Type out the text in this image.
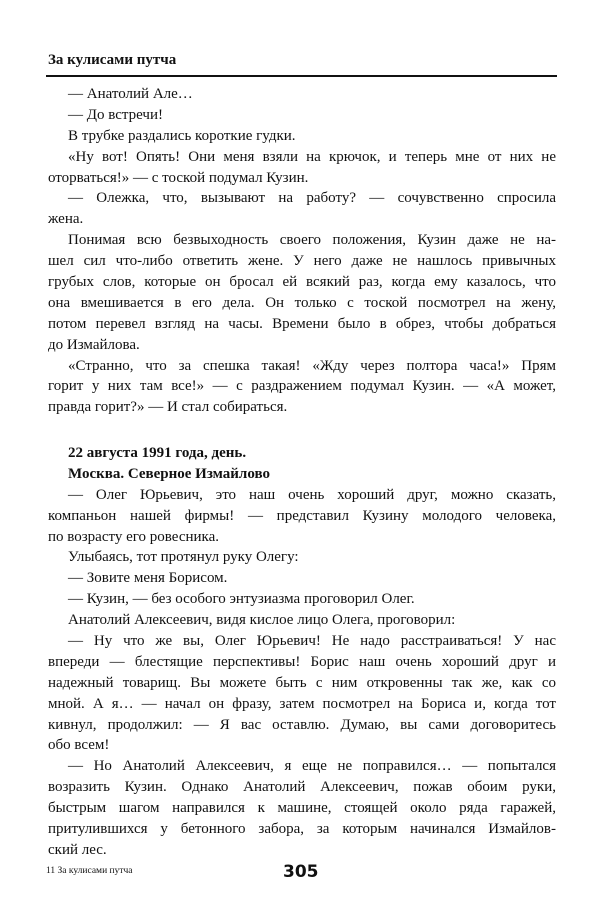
За кулисами путча
— Анатолий Але…
— До встречи!
В трубке раздались короткие гудки.
«Ну вот! Опять! Они меня взяли на крючок, и теперь мне от них не
оторваться!» — с тоской подумал Кузин.
— Олежка, что, вызывают на работу? — сочувственно спросила
жена.
Понимая всю безвыходность своего положения, Кузин даже не на-
шел сил что-либо ответить жене. У него даже не нашлось привычных
грубых слов, которые он бросал ей всякий раз, когда ему казалось, что
она вмешивается в его дела. Он только с тоской посмотрел на жену,
потом перевел взгляд на часы. Времени было в обрез, чтобы добраться
до Измайлова.
«Странно, что за спешка такая! «Жду через полтора часа!» Прям
горит у них там все!» — с раздражением подумал Кузин. — «А может,
правда горит?» — И стал собираться.
22 августа 1991 года, день.
Москва. Северное Измайлово
— Олег Юрьевич, это наш очень хороший друг, можно сказать,
компаньон нашей фирмы! — представил Кузину молодого человека,
по возрасту его ровесника.
Улыбаясь, тот протянул руку Олегу:
— Зовите меня Борисом.
— Кузин, — без особого энтузиазма проговорил Олег.
Анатолий Алексеевич, видя кислое лицо Олега, проговорил:
— Ну что же вы, Олег Юрьевич! Не надо расстраиваться! У нас
впереди — блестящие перспективы! Борис наш очень хороший друг и
надежный товарищ. Вы можете быть с ним откровенны так же, как со
мной. А я… — начал он фразу, затем посмотрел на Бориса и, когда тот
кивнул, продолжил: — Я вас оставлю. Думаю, вы сами договоритесь
обо всем!
— Но Анатолий Алексеевич, я еще не поправился… — попытался
возразить Кузин. Однако Анатолий Алексеевич, пожав обоим руки,
быстрым шагом направился к машине, стоящей около ряда гаражей,
притулившихся у бетонного забора, за которым начинался Измайлов-
ский лес.
11 За кулисами путча	305
